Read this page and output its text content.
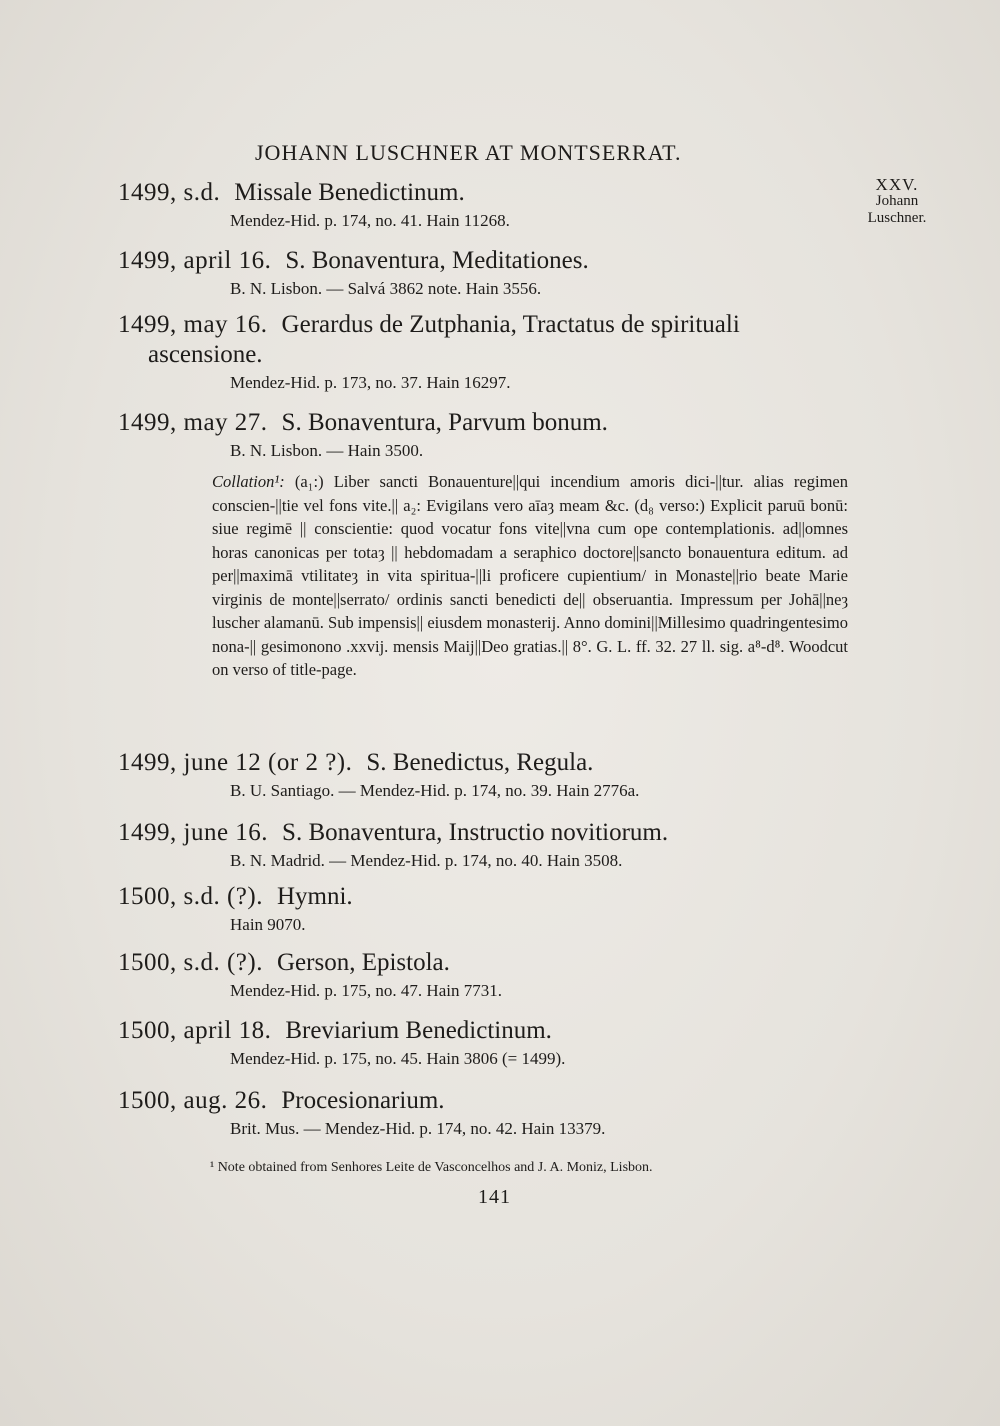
JOHANN LUSCHNER AT MONTSERRAT.
XXV.
Johann
Luschner.
1499, s.d. Missale Benedictinum.
Mendez-Hid. p. 174, no. 41. Hain 11268.
1499, april 16. S. Bonaventura, Meditationes.
B. N. Lisbon. — Salvá 3862 note. Hain 3556.
1499, may 16. Gerardus de Zutphania, Tractatus de spirituali
ascensione.
Mendez-Hid. p. 173, no. 37. Hain 16297.
1499, may 27. S. Bonaventura, Parvum bonum.
B. N. Lisbon. — Hain 3500.
Collation¹: (a₁:) Liber sancti Bonauenture||qui incendium amoris dici-||tur. alias regimen conscien-||tie vel fons vite.|| a₂: Evigilans vero aīaȝ meam &c. (d₈ verso:) Explicit paruū bonū: siue regimē || conscientie: quod vocatur fons vite||vna cum ope contemplationis. ad||omnes horas canonicas per totaȝ || hebdomadam a seraphico doctore||sancto bonauentura editum. ad per||maximā vtilitateȝ in vita spiritua-||li proficere cupientium/ in Monaste||rio beate Marie virginis de monte||serrato/ ordinis sancti benedicti de|| obseruantia. Impressum per Johā||neȝ luscher alamanū. Sub impensis|| eiusdem monasterij. Anno domini||Millesimo quadringentesimo nona-|| gesimonono .xxvij. mensis Maij||Deo gratias.|| 8°. G. L. ff. 32. 27 ll. sig. a⁸-d⁸. Woodcut on verso of title-page.
1499, june 12 (or 2 ?). S. Benedictus, Regula.
B. U. Santiago. — Mendez-Hid. p. 174, no. 39. Hain 2776a.
1499, june 16. S. Bonaventura, Instructio novitiorum.
B. N. Madrid. — Mendez-Hid. p. 174, no. 40. Hain 3508.
1500, s.d. (?). Hymni.
Hain 9070.
1500, s.d. (?). Gerson, Epistola.
Mendez-Hid. p. 175, no. 47. Hain 7731.
1500, april 18. Breviarium Benedictinum.
Mendez-Hid. p. 175, no. 45. Hain 3806 (= 1499).
1500, aug. 26. Procesionarium.
Brit. Mus. — Mendez-Hid. p. 174, no. 42. Hain 13379.
¹ Note obtained from Senhores Leite de Vasconcelhos and J. A. Moniz, Lisbon.
141
